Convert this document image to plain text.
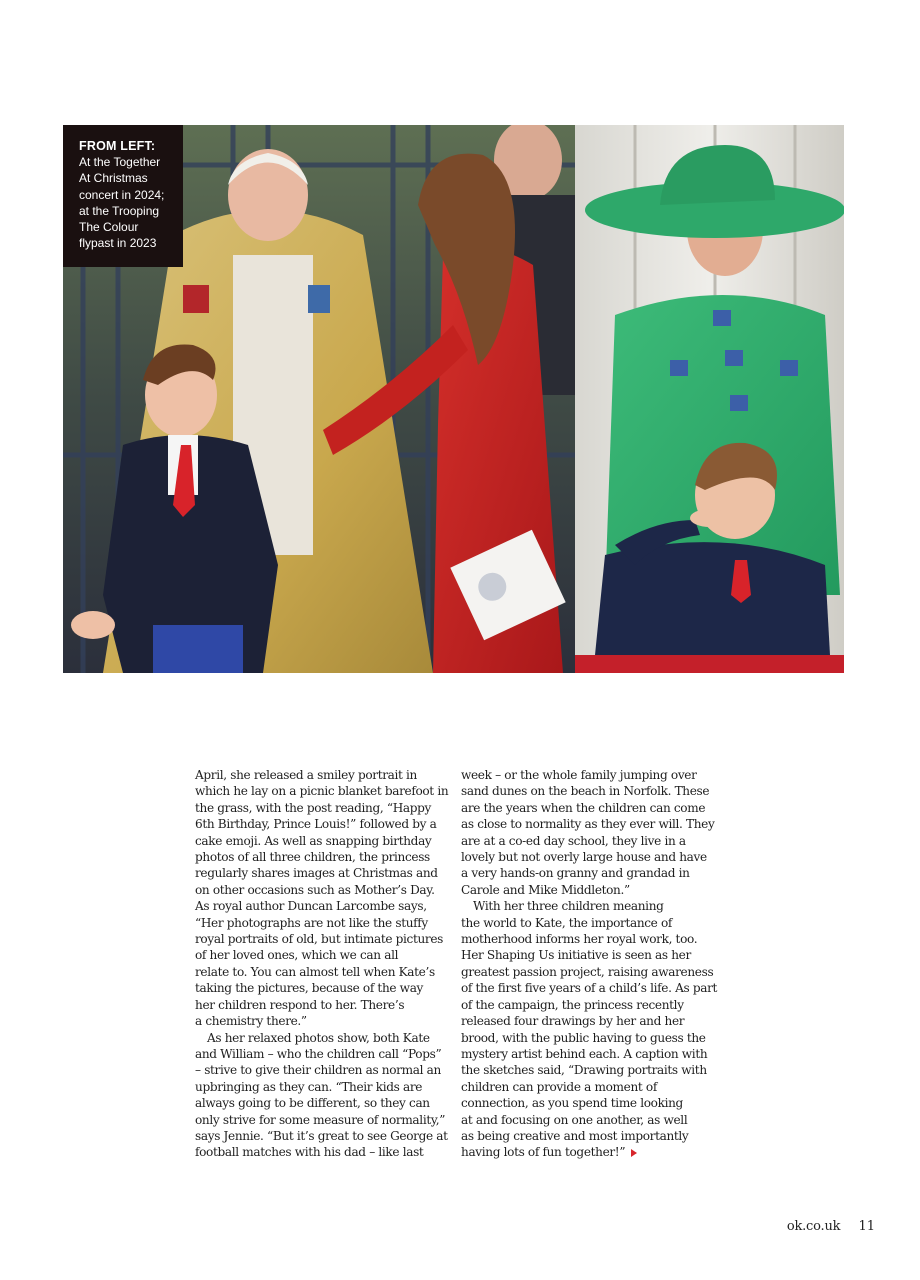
FROM LEFT:
At the Together
At Christmas
concert in 2024;
at the Trooping
The Colour
flypast in 2023
April, she released a smiley portrait in
which he lay on a picnic blanket barefoot in
the grass, with the post reading, “Happy
6th Birthday, Prince Louis!” followed by a
cake emoji. As well as snapping birthday
photos of all three children, the princess
regularly shares images at Christmas and
on other occasions such as Mother’s Day.
As royal author Duncan Larcombe says,
“Her photographs are not like the stuffy
royal portraits of old, but intimate pictures
of her loved ones, which we can all
relate to. You can almost tell when Kate’s
taking the pictures, because of the way
her children respond to her. There’s
a chemistry there.”
As her relaxed photos show, both Kate
and William – who the children call “Pops”
– strive to give their children as normal an
upbringing as they can. “Their kids are
always going to be different, so they can
only strive for some measure of normality,”
says Jennie. “But it’s great to see George at
football matches with his dad – like last
week – or the whole family jumping over
sand dunes on the beach in Norfolk. These
are the years when the children can come
as close to normality as they ever will. They
are at a co-ed day school, they live in a
lovely but not overly large house and have
a very hands-on granny and grandad in
Carole and Mike Middleton.”
With her three children meaning
the world to Kate, the importance of
motherhood informs her royal work, too.
Her Shaping Us initiative is seen as her
greatest passion project, raising awareness
of the first five years of a child’s life. As part
of the campaign, the princess recently
released four drawings by her and her
brood, with the public having to guess the
mystery artist behind each. A caption with
the sketches said, “Drawing portraits with
children can provide a moment of
connection, as you spend time looking
at and focusing on one another, as well
as being creative and most importantly
having lots of fun together!”
ok.co.uk 11
